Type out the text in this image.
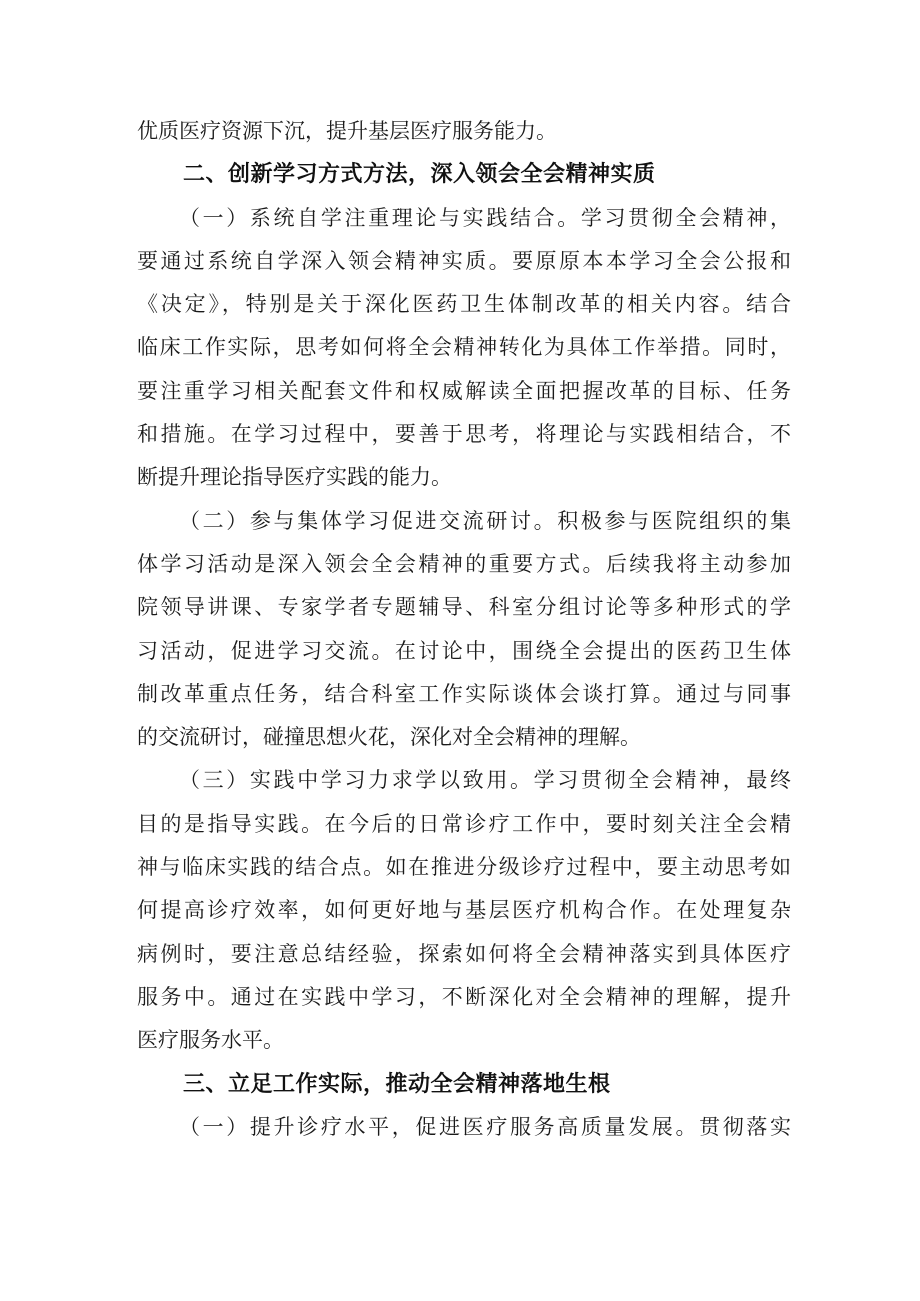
优质医疗资源下沉，提升基层医疗服务能力。
二、创新学习方式方法，深入领会全会精神实质
（一）系统自学注重理论与实践结合。学习贯彻全会精神，
要通过系统自学深入领会精神实质。要原原本本学习全会公报和
《决定》，特别是关于深化医药卫生体制改革的相关内容。结合
临床工作实际，思考如何将全会精神转化为具体工作举措。同时，
要注重学习相关配套文件和权威解读全面把握改革的目标、任务
和措施。在学习过程中，要善于思考，将理论与实践相结合，不
断提升理论指导医疗实践的能力。
（二）参与集体学习促进交流研讨。积极参与医院组织的集
体学习活动是深入领会全会精神的重要方式。后续我将主动参加
院领导讲课、专家学者专题辅导、科室分组讨论等多种形式的学
习活动，促进学习交流。在讨论中，围绕全会提出的医药卫生体
制改革重点任务，结合科室工作实际谈体会谈打算。通过与同事
的交流研讨，碰撞思想火花，深化对全会精神的理解。
（三）实践中学习力求学以致用。学习贯彻全会精神，最终
目的是指导实践。在今后的日常诊疗工作中，要时刻关注全会精
神与临床实践的结合点。如在推进分级诊疗过程中，要主动思考如
何提高诊疗效率，如何更好地与基层医疗机构合作。在处理复杂
病例时，要注意总结经验，探索如何将全会精神落实到具体医疗
服务中。通过在实践中学习，不断深化对全会精神的理解，提升
医疗服务水平。
三、立足工作实际，推动全会精神落地生根
（一）提升诊疗水平，促进医疗服务高质量发展。贯彻落实
